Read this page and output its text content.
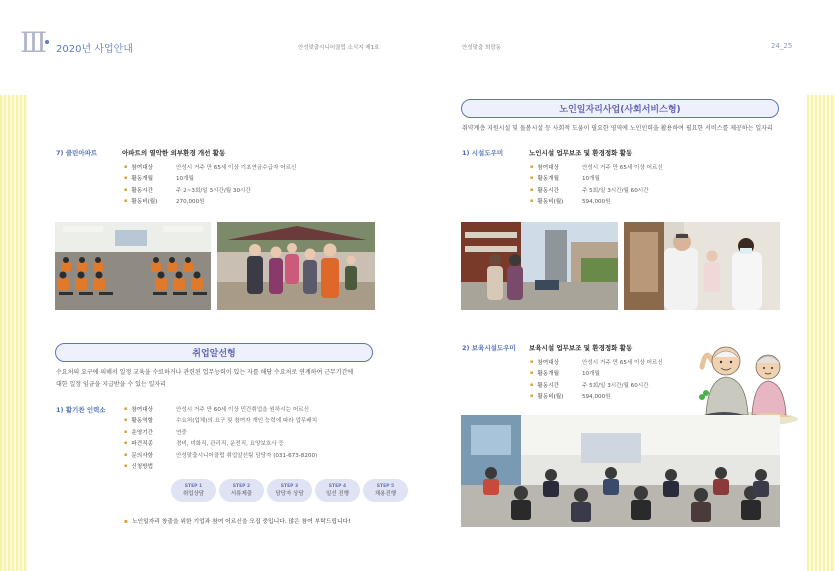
Ⅲ 2020년 사업안내	안성맞춤시니어클럽 소식지 제1호	안성맞춤 희망동	24_25
7) 클린아파트	아파트의 열악한 외부환경 개선 활동
▪ 참여대상	안성시 거주 만 65세 이상 기초연금수급자 어르신
▪ 활동개월	10개월
▪ 활동시간	주 2~3회/일 3시간/월 30시간
▪ 활동비(월)	270,000원
취업알선형
수요처의 요구에 의해서 일정 교육을 수료하거나 관련된 업무능력이 있는 자를 해당 수요처로 연계하여 근무기간에
대한 일정 임금을 지급받을 수 있는 일자리
1) 활기찬 인력소
▪	참여대상	안성시 거주 만 60세 이상 민간취업을 원하시는 어르신
▪ 활동역할	수요처(업체)의 요구 및 참여자 개인 능력에 따라 업무배치
▪ 운영기간	연중
▪ 파견직종	경비, 미화직, 관리직, 운전직, 요양보호사 등
▪ 문의사항	안성맞춤시니어클럽 취업알선팀 담당자 (031-673-8200)
▪ 신청방법
STEP 1
취업상담
STEP 2
서류제출
STEP 3
담당자 상담
STEP 4
일선 진행
STEP 5
채용진행
▪ 노인일자리 창출을 위한 기업과 참여 어르신을 모집 중입니다. 많은 참여 부탁드립니다!
노인일자리사업(사회서비스형)
취약계층 지원시설 및 돌봄시설 등 사회적 도움이 필요한 영역에 노인인력을 활용하여 필요한 서비스를 제공하는 일자리
1) 시설도우미	노인시설 업무보조 및 환경정화 활동
▪ 참여대상	안성시 거주 만 65세 이상 어르신
▪ 활동개월	10개월
▪ 활동시간	주 5회/일 3시간/월 60시간
▪ 활동비(월)	594,000원
2) 보육시설도우미 보육시설 업무보조 및 환경정화 활동
▪ 참여대상	안성시 거주 만 65세 이상 어르신
▪ 활동개월	10개월
▪ 활동시간	주 5회/일 3시간/월 60시간
▪ 활동비(월)	594,000원
